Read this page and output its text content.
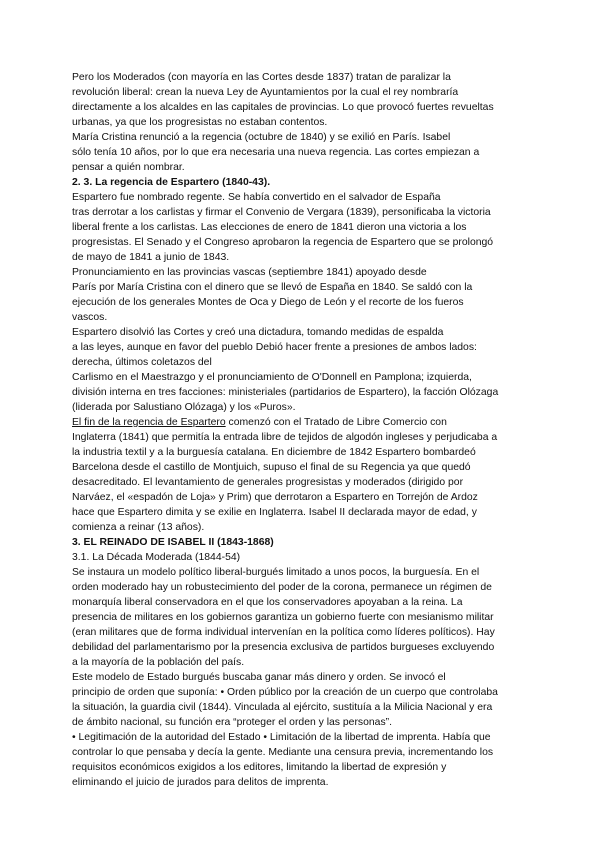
Pero los Moderados (con mayoría en las Cortes desde 1837) tratan de paralizar la
revolución liberal: crean la nueva Ley de Ayuntamientos por la cual el rey nombraría
directamente a los alcaldes en las capitales de provincias. Lo que provocó fuertes revueltas
urbanas, ya que los progresistas no estaban contentos.
María Cristina renunció a la regencia (octubre de 1840) y se exilió en París. Isabel
sólo tenía 10 años, por lo que era necesaria una nueva regencia. Las cortes empiezan a
pensar a quién nombrar.
2. 3. La regencia de Espartero (1840-43).
Espartero fue nombrado regente. Se había convertido en el salvador de España
tras derrotar a los carlistas y firmar el Convenio de Vergara (1839), personificaba la victoria
liberal frente a los carlistas. Las elecciones de enero de 1841 dieron una victoria a los
progresistas. El Senado y el Congreso aprobaron la regencia de Espartero que se prolongó
de mayo de 1841 a junio de 1843.
Pronunciamiento en las provincias vascas (septiembre 1841) apoyado desde
París por María Cristina con el dinero que se llevó de España en 1840. Se saldó con la
ejecución de los generales Montes de Oca y Diego de León y el recorte de los fueros
vascos.
Espartero disolvió las Cortes y creó una dictadura, tomando medidas de espalda
a las leyes, aunque en favor del pueblo Debió hacer frente a presiones de ambos lados:
derecha, últimos coletazos del
Carlismo en el Maestrazgo y el pronunciamiento de O'Donnell en Pamplona; izquierda,
división interna en tres facciones: ministeriales (partidarios de Espartero), la facción Olózaga
(liderada por Salustiano Olózaga) y los «Puros».
El fin de la regencia de Espartero comenzó con el Tratado de Libre Comercio con
Inglaterra (1841) que permitía la entrada libre de tejidos de algodón ingleses y perjudicaba a
la industria textil y a la burguesía catalana. En diciembre de 1842 Espartero bombardeó
Barcelona desde el castillo de Montjuich, supuso el final de su Regencia ya que quedó
desacreditado. El levantamiento de generales progresistas y moderados (dirigido por
Narváez, el «espadón de Loja» y Prim) que derrotaron a Espartero en Torrejón de Ardoz
hace que Espartero dimita y se exilie en Inglaterra. Isabel II declarada mayor de edad, y
comienza a reinar (13 años).
3. EL REINADO DE ISABEL II (1843-1868)
3.1. La Década Moderada (1844-54)
Se instaura un modelo político liberal-burgués limitado a unos pocos, la burguesía. En el
orden moderado hay un robustecimiento del poder de la corona, permanece un régimen de
monarquía liberal conservadora en el que los conservadores apoyaban a la reina. La
presencia de militares en los gobiernos garantiza un gobierno fuerte con mesianismo militar
(eran militares que de forma individual intervenían en la política como líderes políticos). Hay
debilidad del parlamentarismo por la presencia exclusiva de partidos burgueses excluyendo
a la mayoría de la población del país.
Este modelo de Estado burgués buscaba ganar más dinero y orden. Se invocó el
principio de orden que suponía: • Orden público por la creación de un cuerpo que controlaba
la situación, la guardia civil (1844). Vinculada al ejército, sustituía a la Milicia Nacional y era
de ámbito nacional, su función era “proteger el orden y las personas”.
• Legitimación de la autoridad del Estado • Limitación de la libertad de imprenta. Había que
controlar lo que pensaba y decía la gente. Mediante una censura previa, incrementando los
requisitos económicos exigidos a los editores, limitando la libertad de expresión y
eliminando el juicio de jurados para delitos de imprenta.
